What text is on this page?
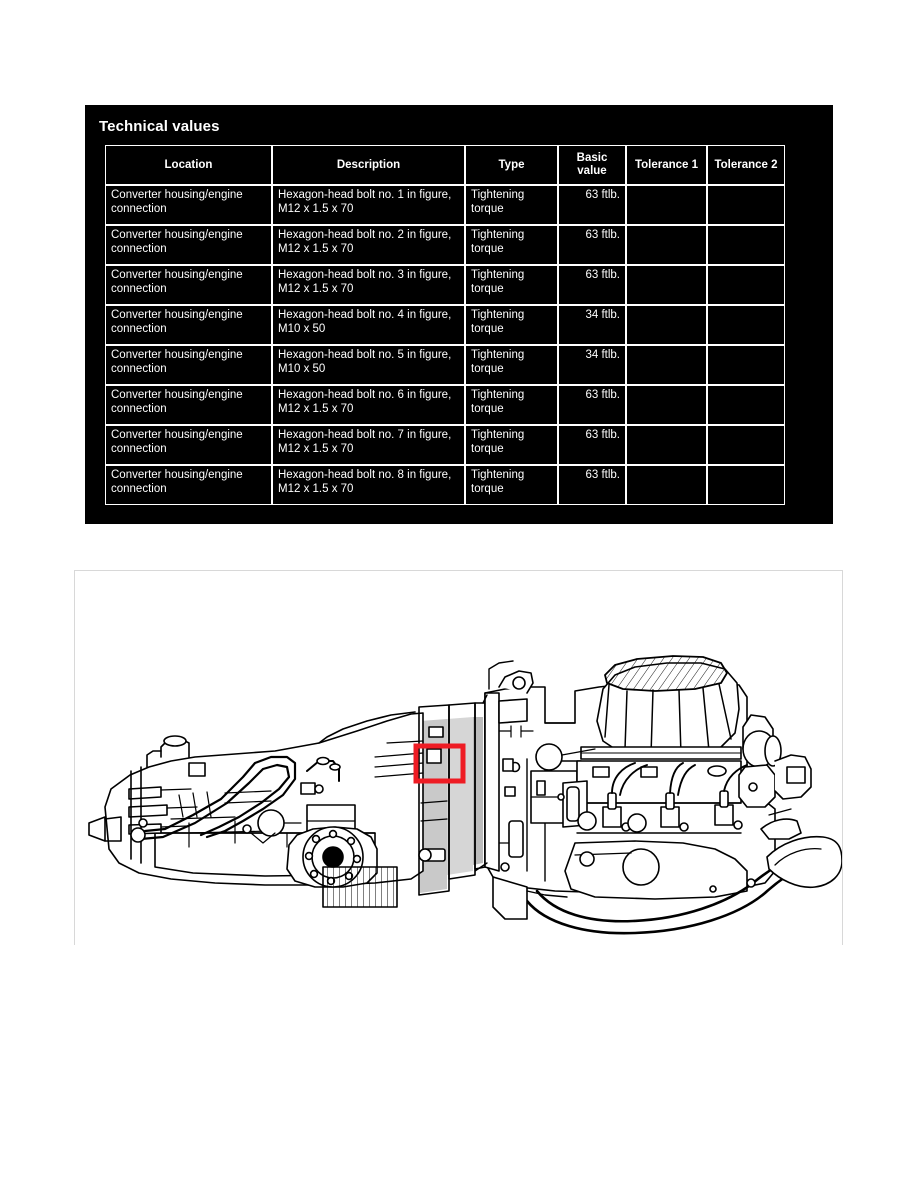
Technical values
Location	Description	Type	Basic value	Tolerance 1	Tolerance 2
Converter housing/engine connection	Hexagon-head bolt no. 1 in figure, M12 x 1.5 x 70	Tightening torque	63 ftlb.		
Converter housing/engine connection	Hexagon-head bolt no. 2 in figure, M12 x 1.5 x 70	Tightening torque	63 ftlb.		
Converter housing/engine connection	Hexagon-head bolt no. 3 in figure, M12 x 1.5 x 70	Tightening torque	63 ftlb.		
Converter housing/engine connection	Hexagon-head bolt no. 4 in figure, M10 x 50	Tightening torque	34 ftlb.		
Converter housing/engine connection	Hexagon-head bolt no. 5 in figure, M10 x 50	Tightening torque	34 ftlb.		
Converter housing/engine connection	Hexagon-head bolt no. 6 in figure, M12 x 1.5 x 70	Tightening torque	63 ftlb.		
Converter housing/engine connection	Hexagon-head bolt no. 7 in figure, M12 x 1.5 x 70	Tightening torque	63 ftlb.		
Converter housing/engine connection	Hexagon-head bolt no. 8 in figure, M12 x 1.5 x 70	Tightening torque	63 ftlb.		
